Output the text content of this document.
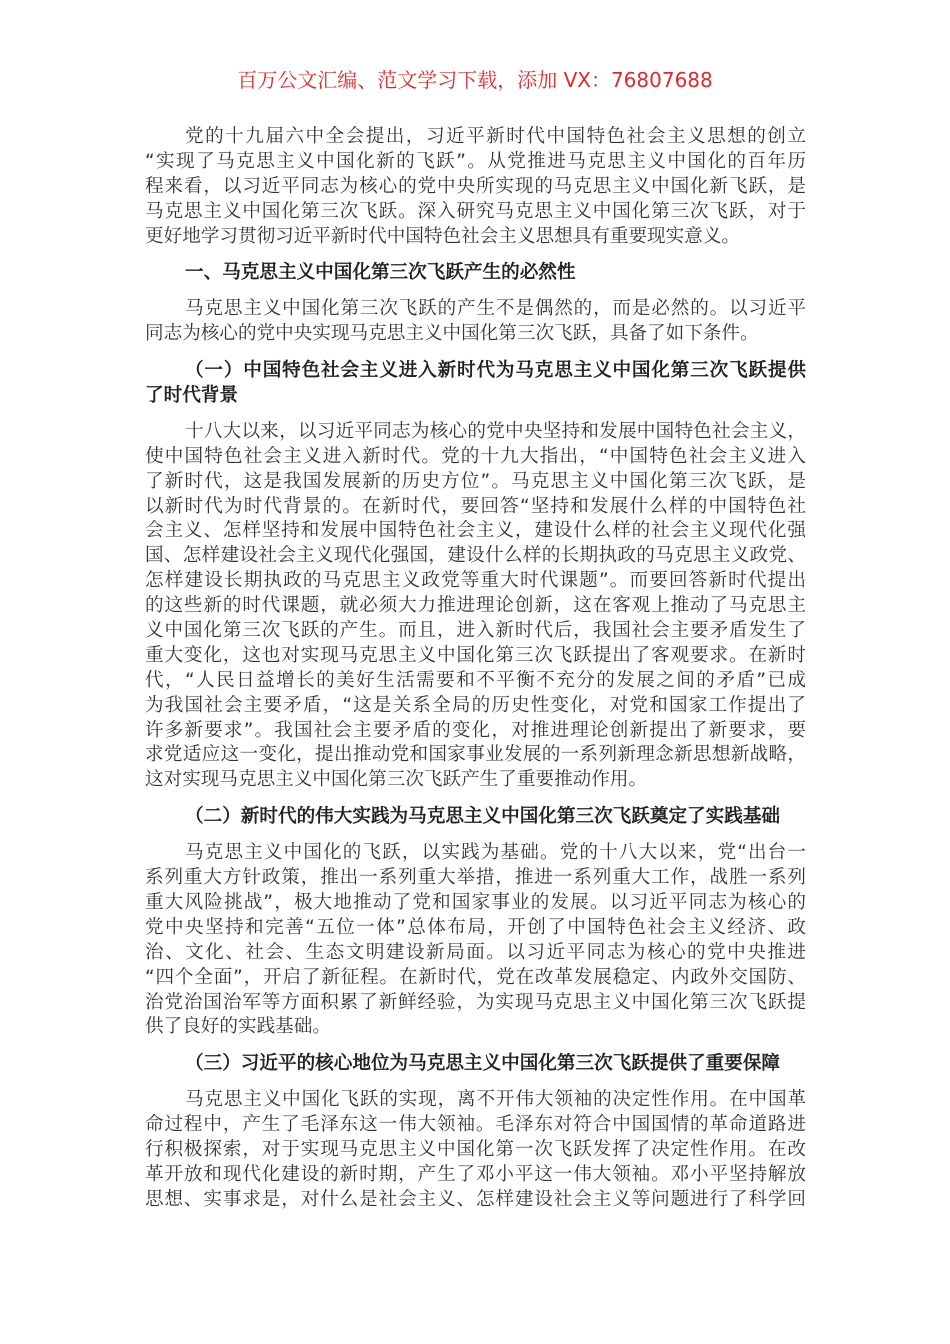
百万公文汇编、范文学习下载，添加 VX：76807688
党的十九届六中全会提出，习近平新时代中国特色社会主义思想的创立
“实现了马克思主义中国化新的飞跃”。从党推进马克思主义中国化的百年历
程来看，以习近平同志为核心的党中央所实现的马克思主义中国化新飞跃，是
马克思主义中国化第三次飞跃。深入研究马克思主义中国化第三次飞跃，对于
更好地学习贯彻习近平新时代中国特色社会主义思想具有重要现实意义。
一、马克思主义中国化第三次飞跃产生的必然性
马克思主义中国化第三次飞跃的产生不是偶然的，而是必然的。以习近平
同志为核心的党中央实现马克思主义中国化第三次飞跃，具备了如下条件。
（一）中国特色社会主义进入新时代为马克思主义中国化第三次飞跃提供
了时代背景
十八大以来，以习近平同志为核心的党中央坚持和发展中国特色社会主义，
使中国特色社会主义进入新时代。党的十九大指出，“中国特色社会主义进入
了新时代，这是我国发展新的历史方位”。马克思主义中国化第三次飞跃，是
以新时代为时代背景的。在新时代，要回答“坚持和发展什么样的中国特色社
会主义、怎样坚持和发展中国特色社会主义，建设什么样的社会主义现代化强
国、怎样建设社会主义现代化强国，建设什么样的长期执政的马克思主义政党、
怎样建设长期执政的马克思主义政党等重大时代课题”。而要回答新时代提出
的这些新的时代课题，就必须大力推进理论创新，这在客观上推动了马克思主
义中国化第三次飞跃的产生。而且，进入新时代后，我国社会主要矛盾发生了
重大变化，这也对实现马克思主义中国化第三次飞跃提出了客观要求。在新时
代，“人民日益增长的美好生活需要和不平衡不充分的发展之间的矛盾”已成
为我国社会主要矛盾，“这是关系全局的历史性变化，对党和国家工作提出了
许多新要求”。我国社会主要矛盾的变化，对推进理论创新提出了新要求，要
求党适应这一变化，提出推动党和国家事业发展的一系列新理念新思想新战略，
这对实现马克思主义中国化第三次飞跃产生了重要推动作用。
（二）新时代的伟大实践为马克思主义中国化第三次飞跃奠定了实践基础
马克思主义中国化的飞跃，以实践为基础。党的十八大以来，党“出台一
系列重大方针政策，推出一系列重大举措，推进一系列重大工作，战胜一系列
重大风险挑战”，极大地推动了党和国家事业的发展。以习近平同志为核心的
党中央坚持和完善“五位一体”总体布局，开创了中国特色社会主义经济、政
治、文化、社会、生态文明建设新局面。以习近平同志为核心的党中央推进
“四个全面”，开启了新征程。在新时代，党在改革发展稳定、内政外交国防、
治党治国治军等方面积累了新鲜经验，为实现马克思主义中国化第三次飞跃提
供了良好的实践基础。
（三）习近平的核心地位为马克思主义中国化第三次飞跃提供了重要保障
马克思主义中国化飞跃的实现，离不开伟大领袖的决定性作用。在中国革
命过程中，产生了毛泽东这一伟大领袖。毛泽东对符合中国国情的革命道路进
行积极探索，对于实现马克思主义中国化第一次飞跃发挥了决定性作用。在改
革开放和现代化建设的新时期，产生了邓小平这一伟大领袖。邓小平坚持解放
思想、实事求是，对什么是社会主义、怎样建设社会主义等问题进行了科学回
